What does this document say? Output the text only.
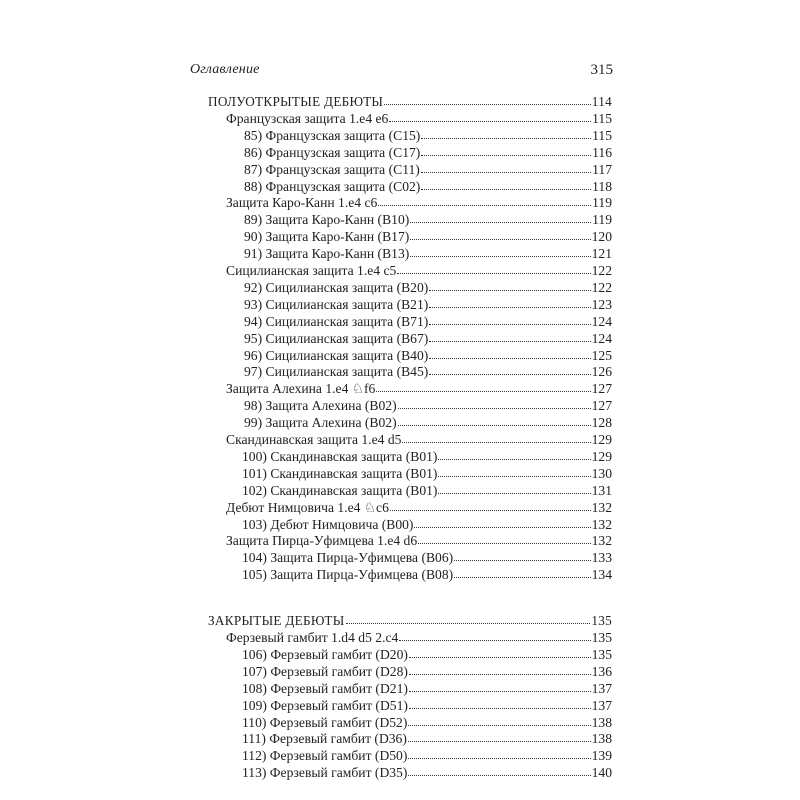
Оглавление	315
ПОЛУОТКРЫТЫЕ ДЕБЮТЫ	114
Французская защита 1.e4 e6	115
85) Французская защита (C15)	115
86) Французская защита (C17)	116
87) Французская защита (C11)	117
88) Французская защита (C02)	118
Защита Каро-Канн 1.e4 c6	119
89) Защита Каро-Канн (B10)	119
90) Защита Каро-Канн (B17)	120
91) Защита Каро-Канн (B13)	121
Сицилианская защита 1.e4 c5	122
92) Сицилианская защита (B20)	122
93) Сицилианская защита (B21)	123
94) Сицилианская защита (B71)	124
95) Сицилианская защита (B67)	124
96) Сицилианская защита (B40)	125
97) Сицилианская защита (B45)	126
Защита Алехина 1.e4 ♘f6	127
98) Защита Алехина (B02)	127
99) Защита Алехина (B02)	128
Скандинавская защита 1.e4 d5	129
100) Скандинавская защита (B01)	129
101) Скандинавская защита (B01)	130
102) Скандинавская защита (B01)	131
Дебют Нимцовича 1.e4 ♘c6	132
103) Дебют Нимцовича (B00)	132
Защита Пирца-Уфимцева 1.e4 d6	132
104) Защита Пирца-Уфимцева (B06)	133
105) Защита Пирца-Уфимцева (B08)	134
ЗАКРЫТЫЕ ДЕБЮТЫ	135
Ферзевый гамбит 1.d4 d5 2.c4	135
106) Ферзевый гамбит (D20)	135
107) Ферзевый гамбит (D28)	136
108) Ферзевый гамбит (D21)	137
109) Ферзевый гамбит (D51)	137
110) Ферзевый гамбит (D52)	138
111) Ферзевый гамбит (D36)	138
112) Ферзевый гамбит (D50)	139
113) Ферзевый гамбит (D35)	140
